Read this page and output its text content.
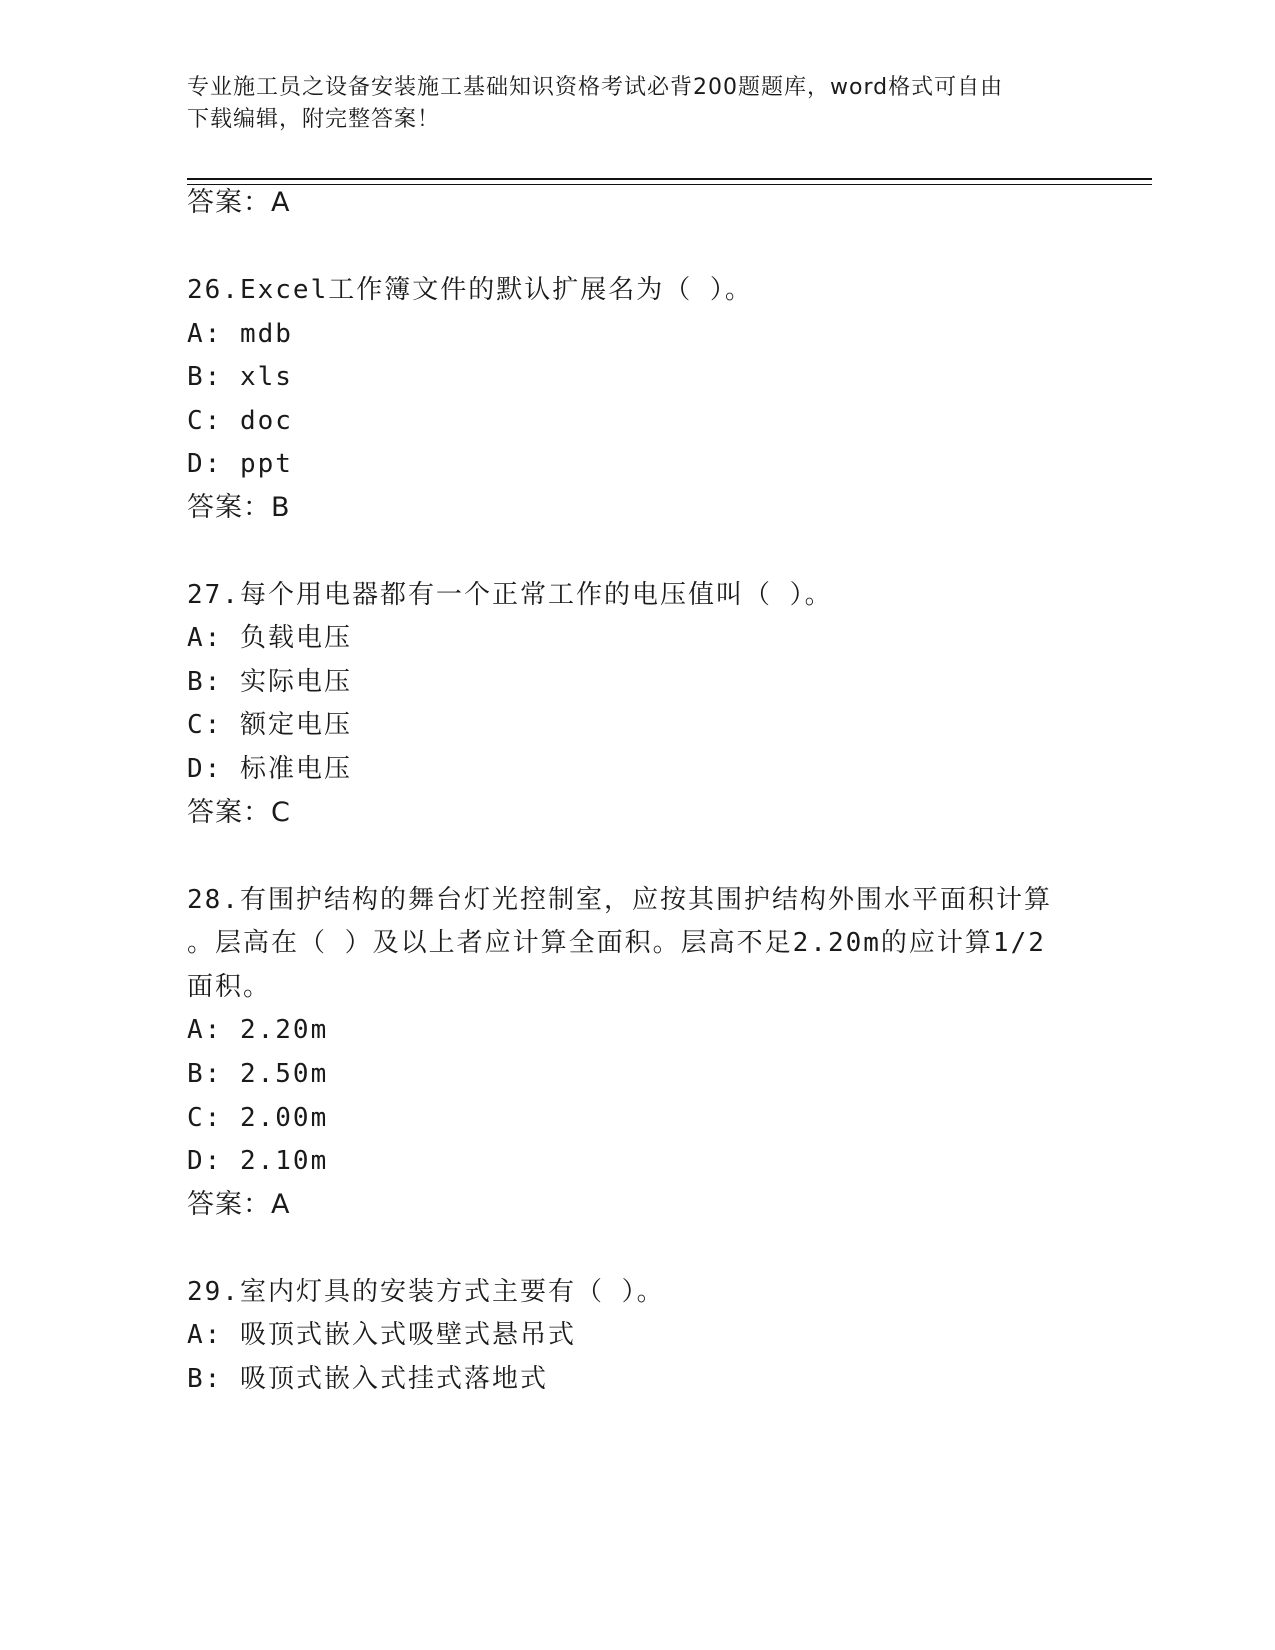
专业施工员之设备安装施工基础知识资格考试必背200题题库，word格式可自由
下载编辑，附完整答案！
答案：A
26.Excel工作簿文件的默认扩展名为（ ）。
A: mdb
B: xls
C: doc
D: ppt
答案：B
27.每个用电器都有一个正常工作的电压值叫（ ）。
A: 负载电压
B: 实际电压
C: 额定电压
D: 标准电压
答案：C
28.有围护结构的舞台灯光控制室，应按其围护结构外围水平面积计算
。层高在（ ）及以上者应计算全面积。层高不足2.20m的应计算1/2
面积。
A: 2.20m
B: 2.50m
C: 2.00m
D: 2.10m
答案：A
29.室内灯具的安装方式主要有（ ）。
A: 吸顶式嵌入式吸壁式悬吊式
B: 吸顶式嵌入式挂式落地式
